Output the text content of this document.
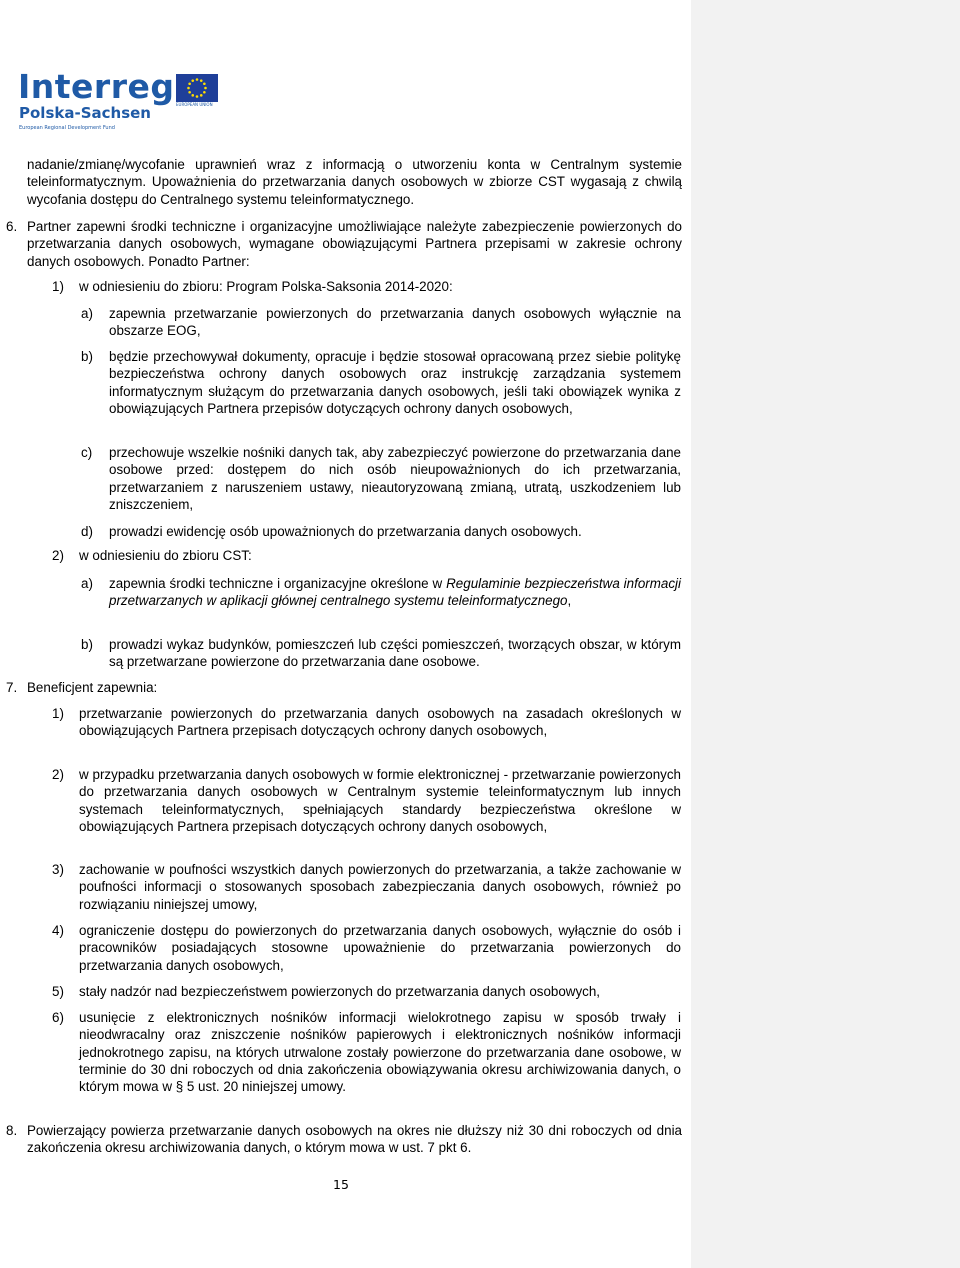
Interreg
Polska-Sachsen
European Regional Development Fund
EUROPEAN UNION

nadanie/zmianę/wycofanie uprawnień wraz z informacją o utworzeniu konta w Centralnym systemie teleinformatycznym. Upoważnienia do przetwarzania danych osobowych w zbiorze CST wygasają z chwilą wycofania dostępu do Centralnego systemu teleinformatycznego.

6. Partner zapewni środki techniczne i organizacyjne umożliwiające należyte zabezpieczenie powierzonych do przetwarzania danych osobowych, wymagane obowiązującymi Partnera przepisami w zakresie ochrony danych osobowych. Ponadto Partner:

1) w odniesieniu do zbioru: Program Polska-Saksonia 2014-2020:

a) zapewnia przetwarzanie powierzonych do przetwarzania danych osobowych wyłącznie na obszarze EOG,

b) będzie przechowywał dokumenty, opracuje i będzie stosował opracowaną przez siebie politykę bezpieczeństwa ochrony danych osobowych oraz instrukcję zarządzania systemem informatycznym służącym do przetwarzania danych osobowych, jeśli taki obowiązek wynika z obowiązujących Partnera przepisów dotyczących ochrony danych osobowych,

c) przechowuje wszelkie nośniki danych tak, aby zabezpieczyć powierzone do przetwarzania dane osobowe przed: dostępem do nich osób nieupoważnionych do ich przetwarzania, przetwarzaniem z naruszeniem ustawy, nieautoryzowaną zmianą, utratą, uszkodzeniem lub zniszczeniem,

d) prowadzi ewidencję osób upoważnionych do przetwarzania danych osobowych.

2) w odniesieniu do zbioru CST:

a) zapewnia środki techniczne i organizacyjne określone w Regulaminie bezpieczeństwa informacji przetwarzanych w aplikacji głównej centralnego systemu teleinformatycznego,

b) prowadzi wykaz budynków, pomieszczeń lub części pomieszczeń, tworzących obszar, w którym są przetwarzane powierzone do przetwarzania dane osobowe.

7. Beneficjent zapewnia:

1) przetwarzanie powierzonych do przetwarzania danych osobowych na zasadach określonych w obowiązujących Partnera przepisach dotyczących ochrony danych osobowych,

2) w przypadku przetwarzania danych osobowych w formie elektronicznej - przetwarzanie powierzonych do przetwarzania danych osobowych w Centralnym systemie teleinformatycznym lub innych systemach teleinformatycznych, spełniających standardy bezpieczeństwa określone w obowiązujących Partnera przepisach dotyczących ochrony danych osobowych,

3) zachowanie w poufności wszystkich danych powierzonych do przetwarzania, a także zachowanie w poufności informacji o stosowanych sposobach zabezpieczania danych osobowych, również po rozwiązaniu niniejszej umowy,

4) ograniczenie dostępu do powierzonych do przetwarzania danych osobowych, wyłącznie do osób i pracowników posiadających stosowne upoważnienie do przetwarzania powierzonych do przetwarzania danych osobowych,

5) stały nadzór nad bezpieczeństwem powierzonych do przetwarzania danych osobowych,

6) usunięcie z elektronicznych nośników informacji wielokrotnego zapisu w sposób trwały i nieodwracalny oraz zniszczenie nośników papierowych i elektronicznych nośników informacji jednokrotnego zapisu, na których utrwalone zostały powierzone do przetwarzania dane osobowe, w terminie do 30 dni roboczych od dnia zakończenia obowiązywania okresu archiwizowania danych, o którym mowa w § 5 ust. 20 niniejszej umowy.

8. Powierzający powierza przetwarzanie danych osobowych na okres nie dłuższy niż 30 dni roboczych od dnia zakończenia okresu archiwizowania danych, o którym mowa w ust. 7 pkt 6.

15
